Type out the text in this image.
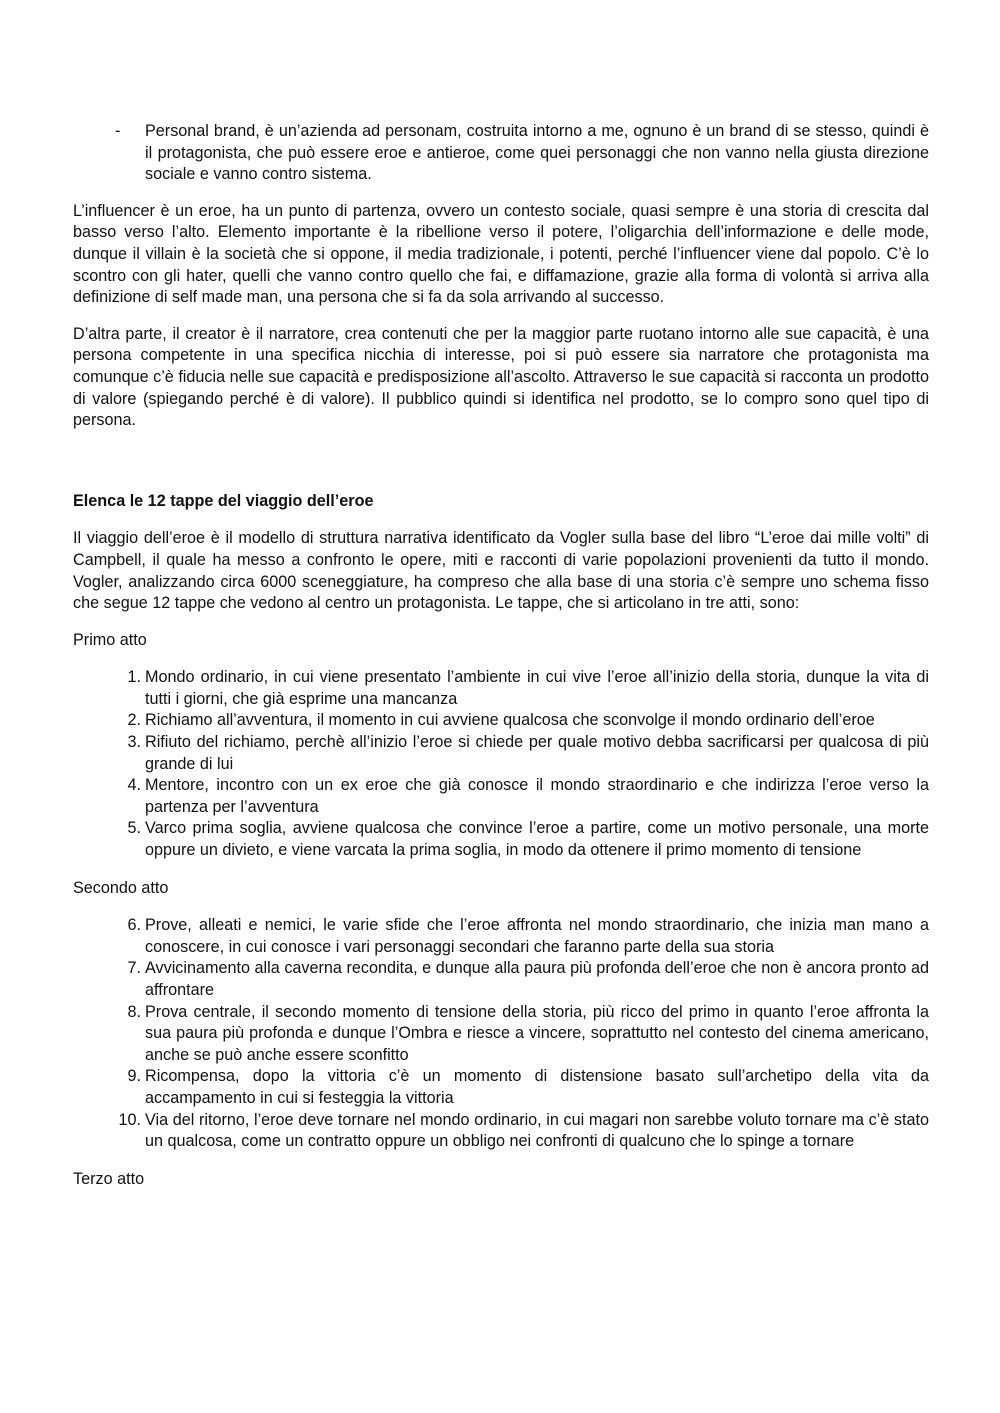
- Personal brand, è un’azienda ad personam, costruita intorno a me, ognuno è un brand di se stesso, quindi è il protagonista, che può essere eroe e antieroe, come quei personaggi che non vanno nella giusta direzione sociale e vanno contro sistema.

L’influencer è un eroe, ha un punto di partenza, ovvero un contesto sociale, quasi sempre è una storia di crescita dal basso verso l’alto. Elemento importante è la ribellione verso il potere, l’oligarchia dell’informazione e delle mode, dunque il villain è la società che si oppone, il media tradizionale, i potenti, perché l’influencer viene dal popolo. C’è lo scontro con gli hater, quelli che vanno contro quello che fai, e diffamazione, grazie alla forma di volontà si arriva alla definizione di self made man, una persona che si fa da sola arrivando al successo.

D’altra parte, il creator è il narratore, crea contenuti che per la maggior parte ruotano intorno alle sue capacità, è una persona competente in una specifica nicchia di interesse, poi si può essere sia narratore che protagonista ma comunque c’è fiducia nelle sue capacità e predisposizione all’ascolto. Attraverso le sue capacità si racconta un prodotto di valore (spiegando perché è di valore). Il pubblico quindi si identifica nel prodotto, se lo compro sono quel tipo di persona.

Elenca le 12 tappe del viaggio dell’eroe

Il viaggio dell’eroe è il modello di struttura narrativa identificato da Vogler sulla base del libro “L’eroe dai mille volti” di Campbell, il quale ha messo a confronto le opere, miti e racconti di varie popolazioni provenienti da tutto il mondo. Vogler, analizzando circa 6000 sceneggiature, ha compreso che alla base di una storia c’è sempre uno schema fisso che segue 12 tappe che vedono al centro un protagonista. Le tappe, che si articolano in tre atti, sono:

Primo atto

1. Mondo ordinario, in cui viene presentato l’ambiente in cui vive l’eroe all’inizio della storia, dunque la vita di tutti i giorni, che già esprime una mancanza
2. Richiamo all’avventura, il momento in cui avviene qualcosa che sconvolge il mondo ordinario dell’eroe
3. Rifiuto del richiamo, perchè all’inizio l’eroe si chiede per quale motivo debba sacrificarsi per qualcosa di più grande di lui
4. Mentore, incontro con un ex eroe che già conosce il mondo straordinario e che indirizza l’eroe verso la partenza per l’avventura
5. Varco prima soglia, avviene qualcosa che convince l’eroe a partire, come un motivo personale, una morte oppure un divieto, e viene varcata la prima soglia, in modo da ottenere il primo momento di tensione

Secondo atto

6. Prove, alleati e nemici, le varie sfide che l’eroe affronta nel mondo straordinario, che inizia man mano a conoscere, in cui conosce i vari personaggi secondari che faranno parte della sua storia
7. Avvicinamento alla caverna recondita, e dunque alla paura più profonda dell’eroe che non è ancora pronto ad affrontare
8. Prova centrale, il secondo momento di tensione della storia, più ricco del primo in quanto l’eroe affronta la sua paura più profonda e dunque l’Ombra e riesce a vincere, soprattutto nel contesto del cinema americano, anche se può anche essere sconfitto
9. Ricompensa, dopo la vittoria c’è un momento di distensione basato sull’archetipo della vita da accampamento in cui si festeggia la vittoria
10. Via del ritorno, l’eroe deve tornare nel mondo ordinario, in cui magari non sarebbe voluto tornare ma c’è stato un qualcosa, come un contratto oppure un obbligo nei confronti di qualcuno che lo spinge a tornare

Terzo atto
